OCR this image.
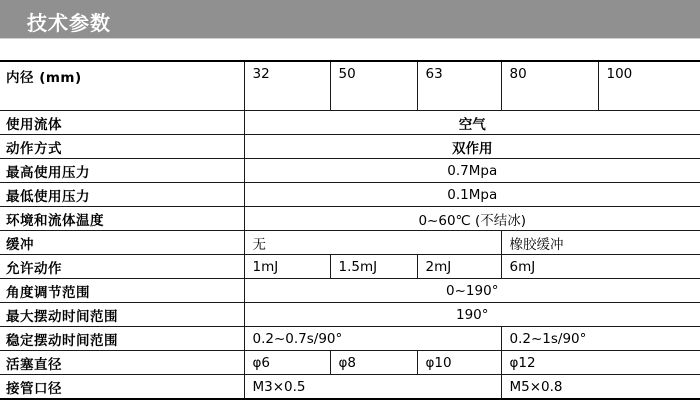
技术参数
内径 (mm)	32	50	63	80	100
使用流体	空气				
动作方式	双作用				
最高使用压力	0.7Mpa				
最低使用压力	0.1Mpa				
环境和流体温度	0~60℃ (不结冰)				
缓冲	无			橡胶缓冲	
允许动作	1mJ	1.5mJ	2mJ	6mJ	
角度调节范围	0~190°				
最大摆动时间范围	190°				
稳定摆动时间范围	0.2~0.7s/90°			0.2~1s/90°	
活塞直径	φ6	φ8	φ10	φ12	
接管口径	M3×0.5			M5×0.8	
